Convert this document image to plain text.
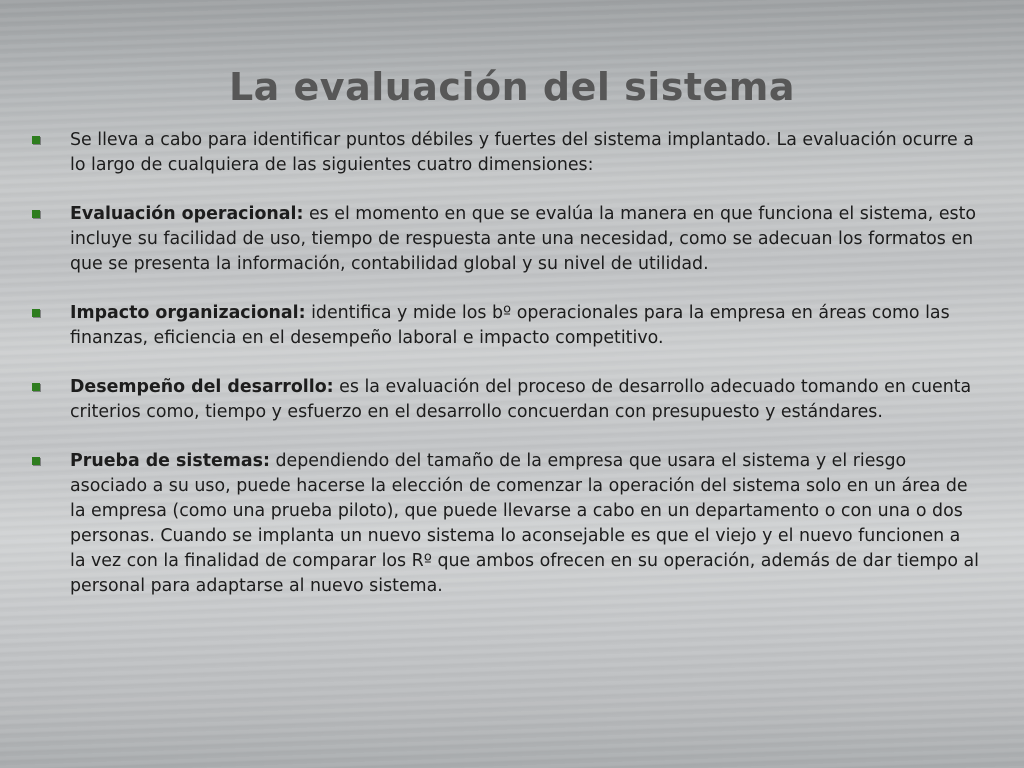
La evaluación del sistema
Se lleva a cabo para identificar puntos débiles y fuertes del sistema implantado. La evaluación ocurre a lo largo de cualquiera de las siguientes cuatro dimensiones:
Evaluación operacional: es el momento en que se evalúa la manera en que funciona el sistema, esto incluye su facilidad de uso, tiempo de respuesta ante una necesidad, como se adecuan los formatos en que se presenta la información, contabilidad global y su nivel de utilidad.
Impacto organizacional: identifica y mide los bº operacionales para la empresa en áreas como las finanzas, eficiencia en el desempeño laboral e impacto competitivo.
Desempeño del desarrollo: es la evaluación del proceso de desarrollo adecuado tomando en cuenta criterios como, tiempo y esfuerzo en el desarrollo concuerdan con presupuesto y estándares.
Prueba de sistemas: dependiendo del tamaño de la empresa que usara el sistema y el riesgo asociado a su uso, puede hacerse la elección de comenzar la operación del sistema solo en un área de la empresa (como una prueba piloto), que puede llevarse a cabo en un departamento o con una o dos personas. Cuando se implanta un nuevo sistema lo aconsejable es que el viejo y el nuevo funcionen a la vez con la finalidad de comparar los Rº que ambos ofrecen en su operación, además de dar tiempo al personal para adaptarse al nuevo sistema.
